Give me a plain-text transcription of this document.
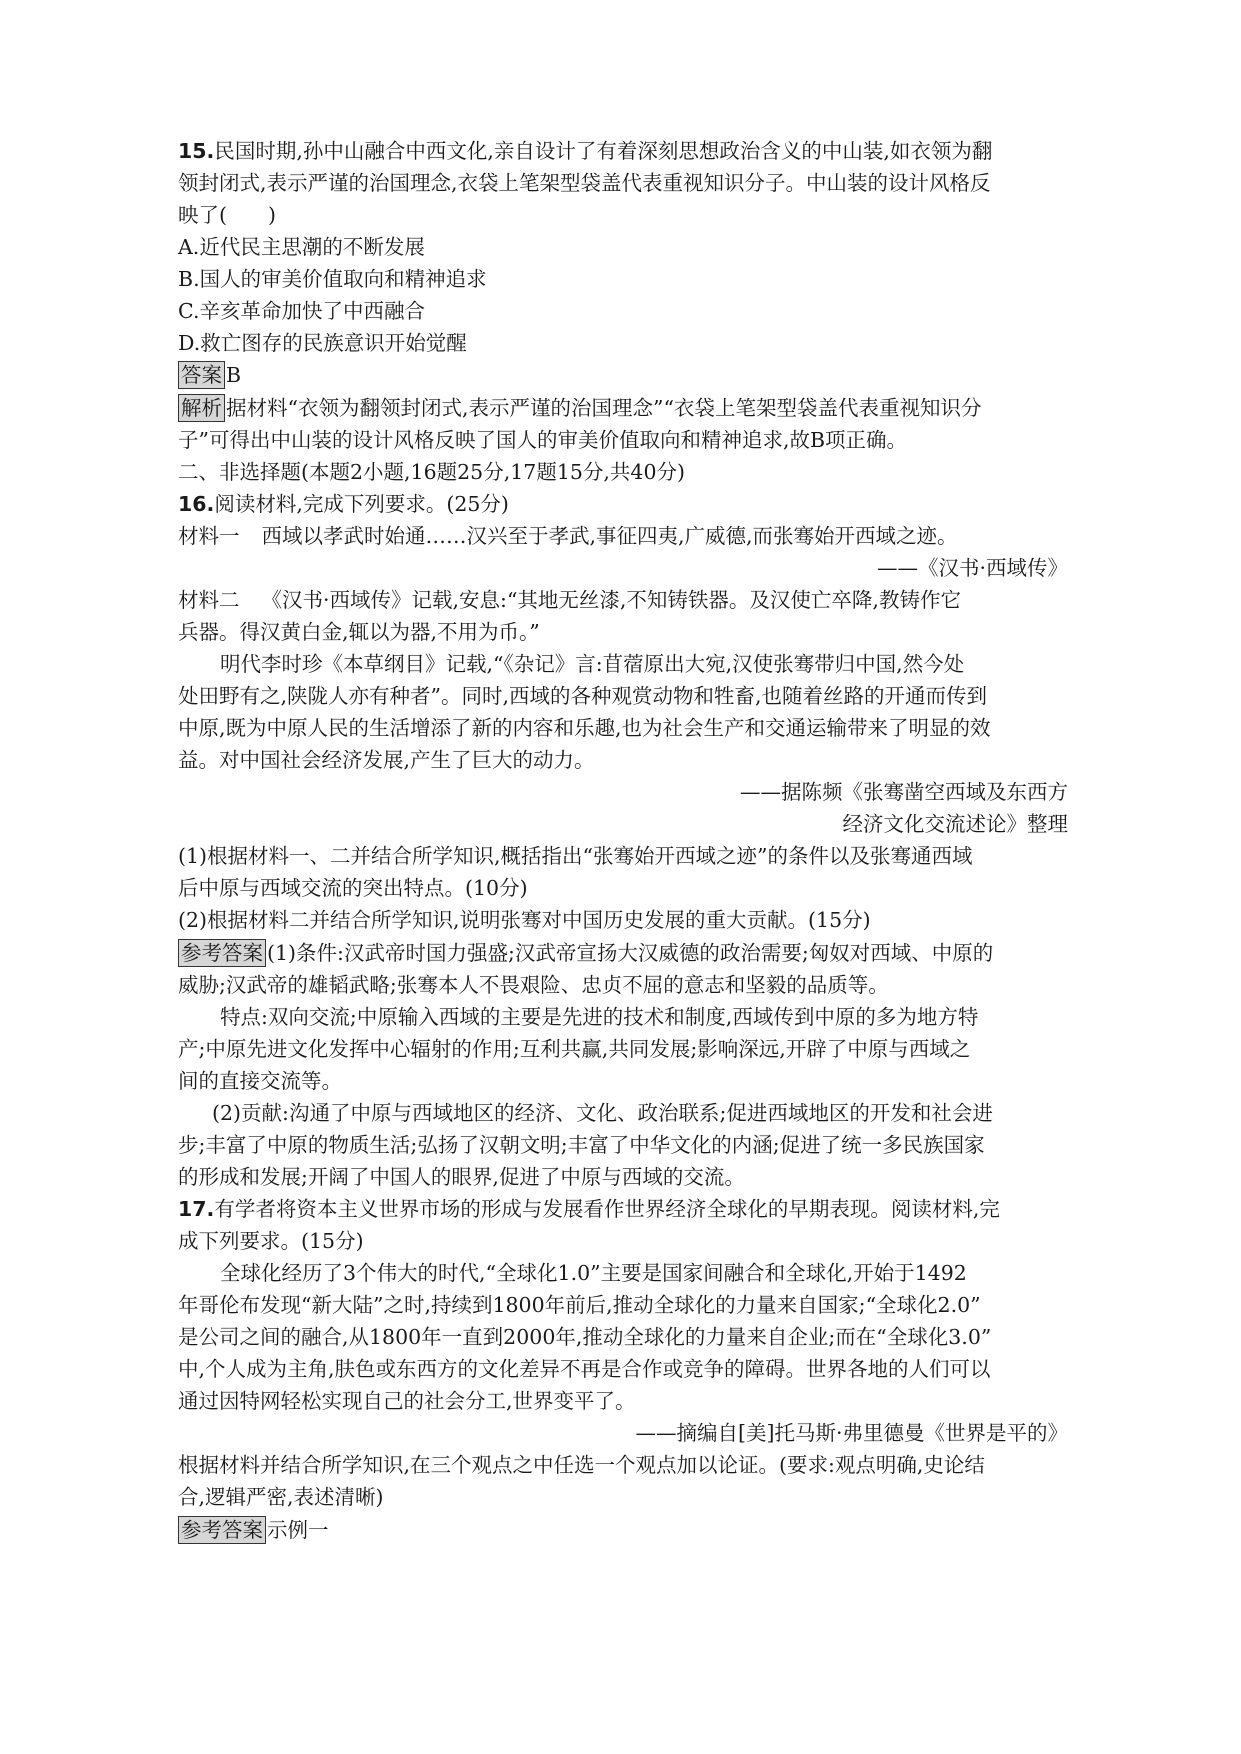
15.民国时期,孙中山融合中西文化,亲自设计了有着深刻思想政治含义的中山装,如衣领为翻
领封闭式,表示严谨的治国理念,衣袋上笔架型袋盖代表重视知识分子。中山装的设计风格反
映了(　　)
A.近代民主思潮的不断发展
B.国人的审美价值取向和精神追求
C.辛亥革命加快了中西融合
D.救亡图存的民族意识开始觉醒
答案 B
解析 据材料“衣领为翻领封闭式,表示严谨的治国理念”“衣袋上笔架型袋盖代表重视知识分
子”可得出中山装的设计风格反映了国人的审美价值取向和精神追求,故B项正确。
二、非选择题(本题2小题,16题25分,17题15分,共40分)
16.阅读材料,完成下列要求。(25分)
材料一 西域以孝武时始通……汉兴至于孝武,事征四夷,广威德,而张骞始开西域之迹。
——《汉书·西域传》
材料二 《汉书·西域传》记载,安息:“其地无丝漆,不知铸铁器。及汉使亡卒降,教铸作它
兵器。得汉黄白金,辄以为器,不用为币。”
明代李时珍《本草纲目》记载,“《杂记》言:苜蓿原出大宛,汉使张骞带归中国,然今处
处田野有之,陕陇人亦有种者”。同时,西域的各种观赏动物和牲畜,也随着丝路的开通而传到
中原,既为中原人民的生活增添了新的内容和乐趣,也为社会生产和交通运输带来了明显的效
益。对中国社会经济发展,产生了巨大的动力。
——据陈频《张骞凿空西域及东西方
经济文化交流述论》整理
(1)根据材料一、二并结合所学知识,概括指出“张骞始开西域之迹”的条件以及张骞通西域
后中原与西域交流的突出特点。(10分)
(2)根据材料二并结合所学知识,说明张骞对中国历史发展的重大贡献。(15分)
参考答案 (1)条件:汉武帝时国力强盛;汉武帝宣扬大汉威德的政治需要;匈奴对西域、中原的
威胁;汉武帝的雄韬武略;张骞本人不畏艰险、忠贞不屈的意志和坚毅的品质等。
特点:双向交流;中原输入西域的主要是先进的技术和制度,西域传到中原的多为地方特
产;中原先进文化发挥中心辐射的作用;互利共赢,共同发展;影响深远,开辟了中原与西域之
间的直接交流等。
(2)贡献:沟通了中原与西域地区的经济、文化、政治联系;促进西域地区的开发和社会进
步;丰富了中原的物质生活;弘扬了汉朝文明;丰富了中华文化的内涵;促进了统一多民族国家
的形成和发展;开阔了中国人的眼界,促进了中原与西域的交流。
17.有学者将资本主义世界市场的形成与发展看作世界经济全球化的早期表现。阅读材料,完
成下列要求。(15分)
全球化经历了3个伟大的时代,“全球化1.0”主要是国家间融合和全球化,开始于1492
年哥伦布发现“新大陆”之时,持续到1800年前后,推动全球化的力量来自国家;“全球化2.0”
是公司之间的融合,从1800年一直到2000年,推动全球化的力量来自企业;而在“全球化3.0”
中,个人成为主角,肤色或东西方的文化差异不再是合作或竞争的障碍。世界各地的人们可以
通过因特网轻松实现自己的社会分工,世界变平了。
——摘编自[美]托马斯·弗里德曼《世界是平的》
根据材料并结合所学知识,在三个观点之中任选一个观点加以论证。(要求:观点明确,史论结
合,逻辑严密,表述清晰)
参考答案 示例一
